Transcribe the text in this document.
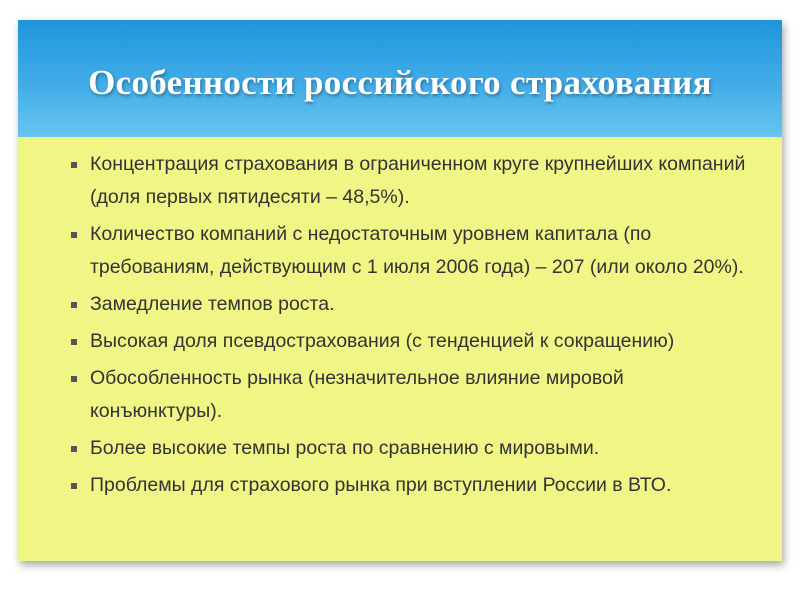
Особенности российского страхования
Концентрация страхования в ограниченном круге крупнейших компаний (доля первых пятидесяти – 48,5%).
Количество компаний с недостаточным уровнем капитала (по требованиям, действующим с 1 июля 2006 года) – 207 (или около 20%).
Замедление темпов роста.
Высокая доля псевдострахования (с тенденцией к сокращению)
Обособленность рынка (незначительное влияние мировой конъюнктуры).
Более высокие темпы роста по сравнению с мировыми.
Проблемы для страхового рынка при вступлении России в ВТО.
